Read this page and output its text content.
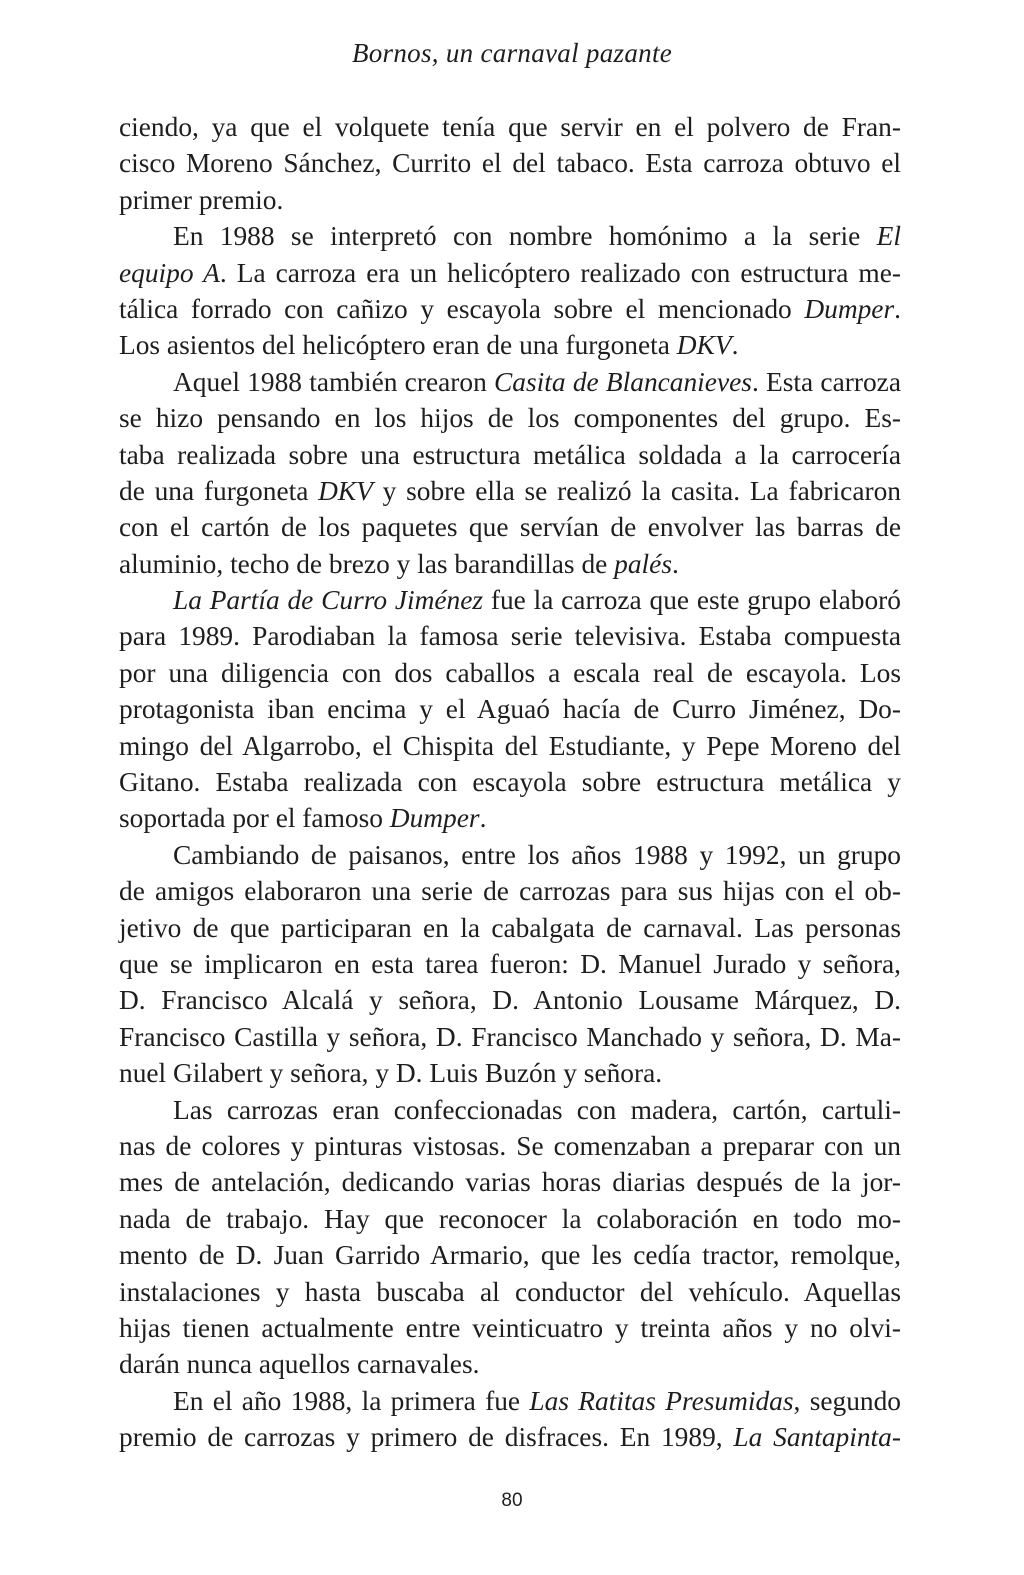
Bornos, un carnaval pazante
ciendo, ya que el volquete tenía que servir en el polvero de Fran-
cisco Moreno Sánchez, Currito el del tabaco. Esta carroza obtuvo el
primer premio.
En 1988 se interpretó con nombre homónimo a la serie El
equipo A. La carroza era un helicóptero realizado con estructura me-
tálica forrado con cañizo y escayola sobre el mencionado Dumper.
Los asientos del helicóptero eran de una furgoneta DKV.
Aquel 1988 también crearon Casita de Blancanieves. Esta carroza
se hizo pensando en los hijos de los componentes del grupo. Es-
taba realizada sobre una estructura metálica soldada a la carrocería
de una furgoneta DKV y sobre ella se realizó la casita. La fabricaron
con el cartón de los paquetes que servían de envolver las barras de
aluminio, techo de brezo y las barandillas de palés.
La Partía de Curro Jiménez fue la carroza que este grupo elaboró
para 1989. Parodiaban la famosa serie televisiva. Estaba compuesta
por una diligencia con dos caballos a escala real de escayola. Los
protagonista iban encima y el Aguaó hacía de Curro Jiménez, Do-
mingo del Algarrobo, el Chispita del Estudiante, y Pepe Moreno del
Gitano. Estaba realizada con escayola sobre estructura metálica y
soportada por el famoso Dumper.
Cambiando de paisanos, entre los años 1988 y 1992, un grupo
de amigos elaboraron una serie de carrozas para sus hijas con el ob-
jetivo de que participaran en la cabalgata de carnaval. Las personas
que se implicaron en esta tarea fueron: D. Manuel Jurado y señora,
D. Francisco Alcalá y señora, D. Antonio Lousame Márquez, D.
Francisco Castilla y señora, D. Francisco Manchado y señora, D. Ma-
nuel Gilabert y señora, y D. Luis Buzón y señora.
Las carrozas eran confeccionadas con madera, cartón, cartuli-
nas de colores y pinturas vistosas. Se comenzaban a preparar con un
mes de antelación, dedicando varias horas diarias después de la jor-
nada de trabajo. Hay que reconocer la colaboración en todo mo-
mento de D. Juan Garrido Armario, que les cedía tractor, remolque,
instalaciones y hasta buscaba al conductor del vehículo. Aquellas
hijas tienen actualmente entre veinticuatro y treinta años y no olvi-
darán nunca aquellos carnavales.
En el año 1988, la primera fue Las Ratitas Presumidas, segundo
premio de carrozas y primero de disfraces. En 1989, La Santapinta-
80
